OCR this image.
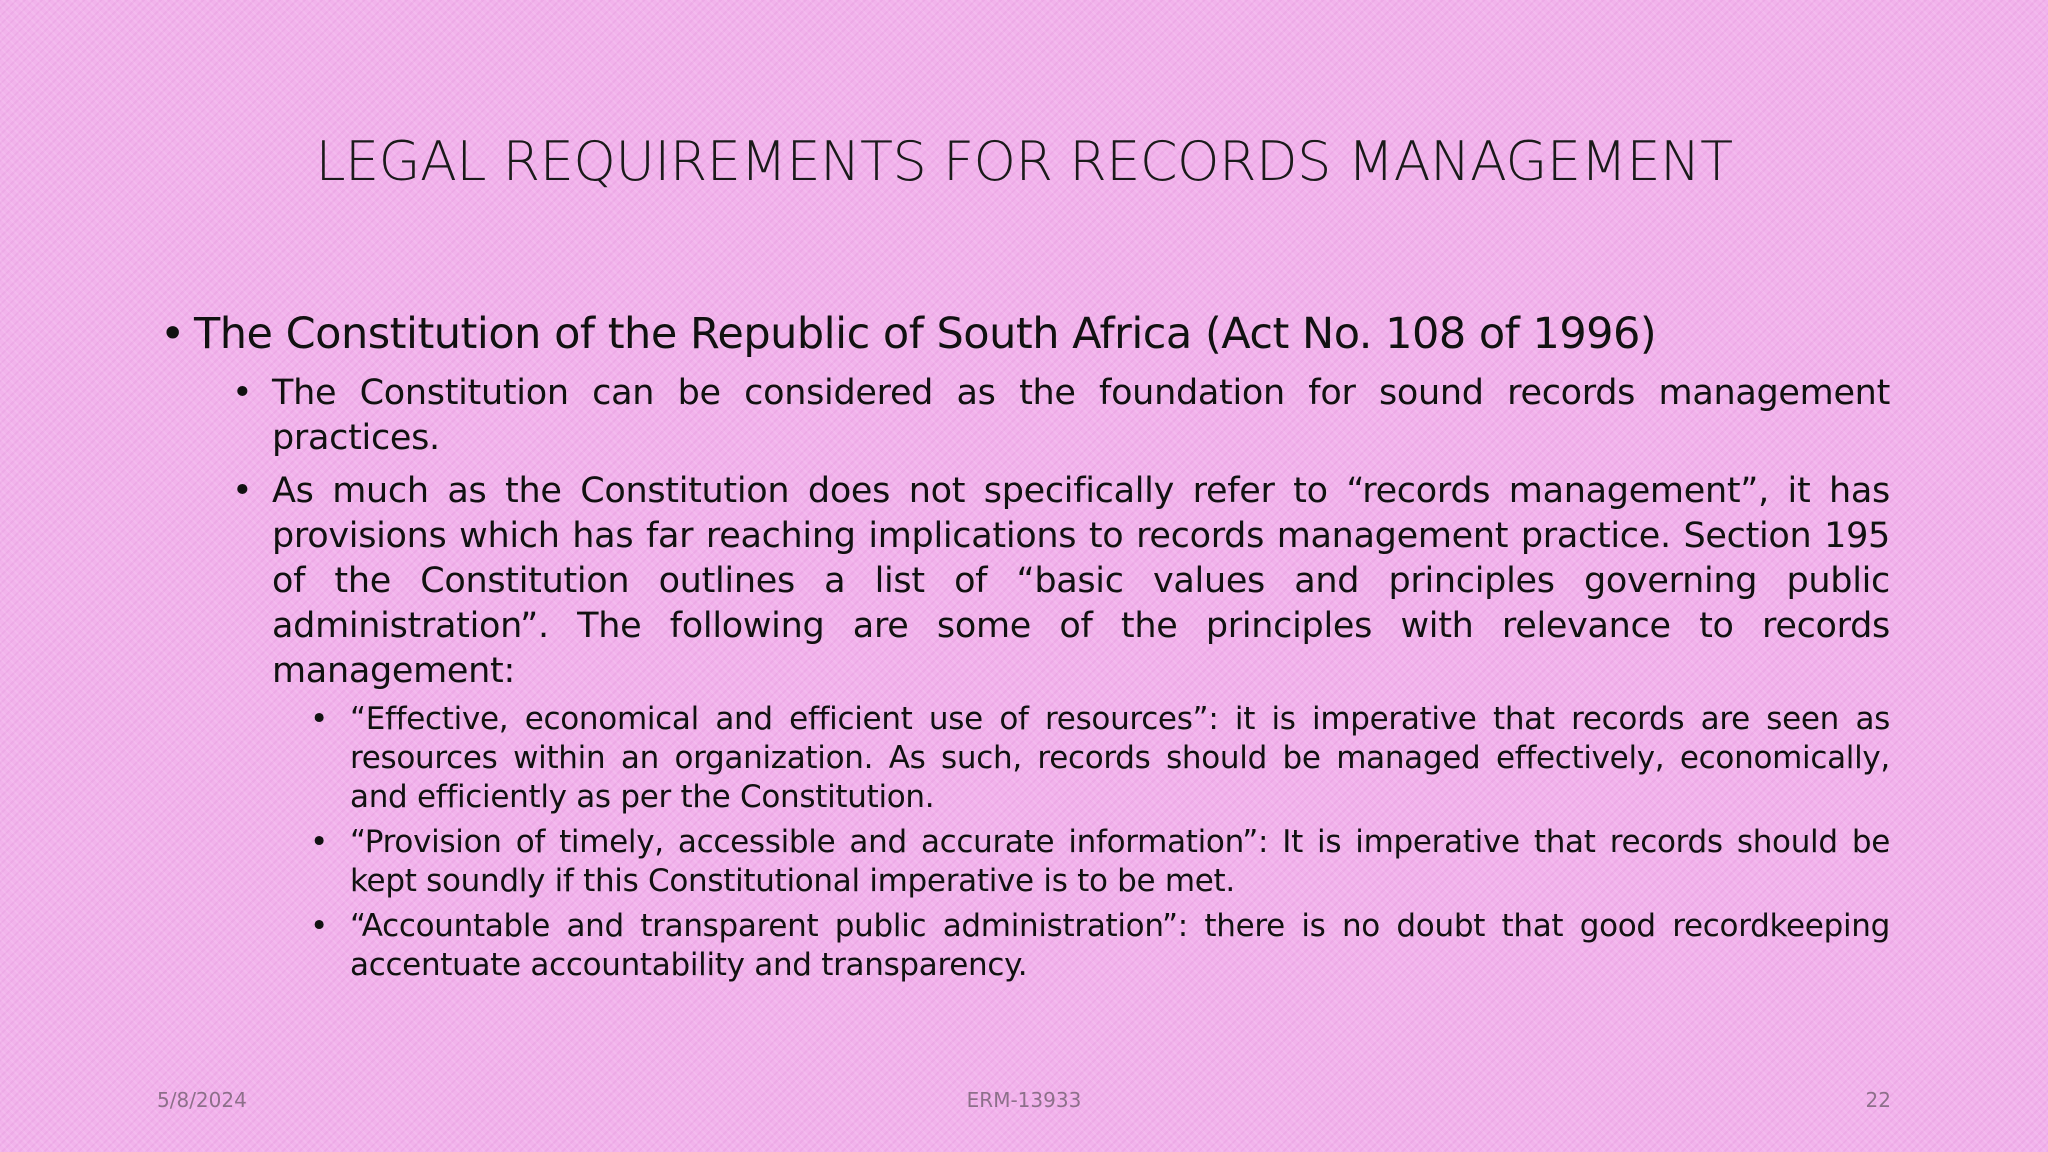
LEGAL REQUIREMENTS FOR RECORDS MANAGEMENT
• The Constitution of the Republic of South Africa (Act No. 108 of 1996)
• The Constitution can be considered as the foundation for sound records management practices.
• As much as the Constitution does not specifically refer to “records management”, it has provisions which has far reaching implications to records management practice. Section 195 of the Constitution outlines a list of “basic values and principles governing public administration”. The following are some of the principles with relevance to records management:
• “Effective, economical and efficient use of resources”: it is imperative that records are seen as resources within an organization. As such, records should be managed effectively, economically, and efficiently as per the Constitution.
• “Provision of timely, accessible and accurate information”: It is imperative that records should be kept soundly if this Constitutional imperative is to be met.
• “Accountable and transparent public administration”: there is no doubt that good recordkeeping accentuate accountability and transparency.
5/8/2024	ERM-13933	22
